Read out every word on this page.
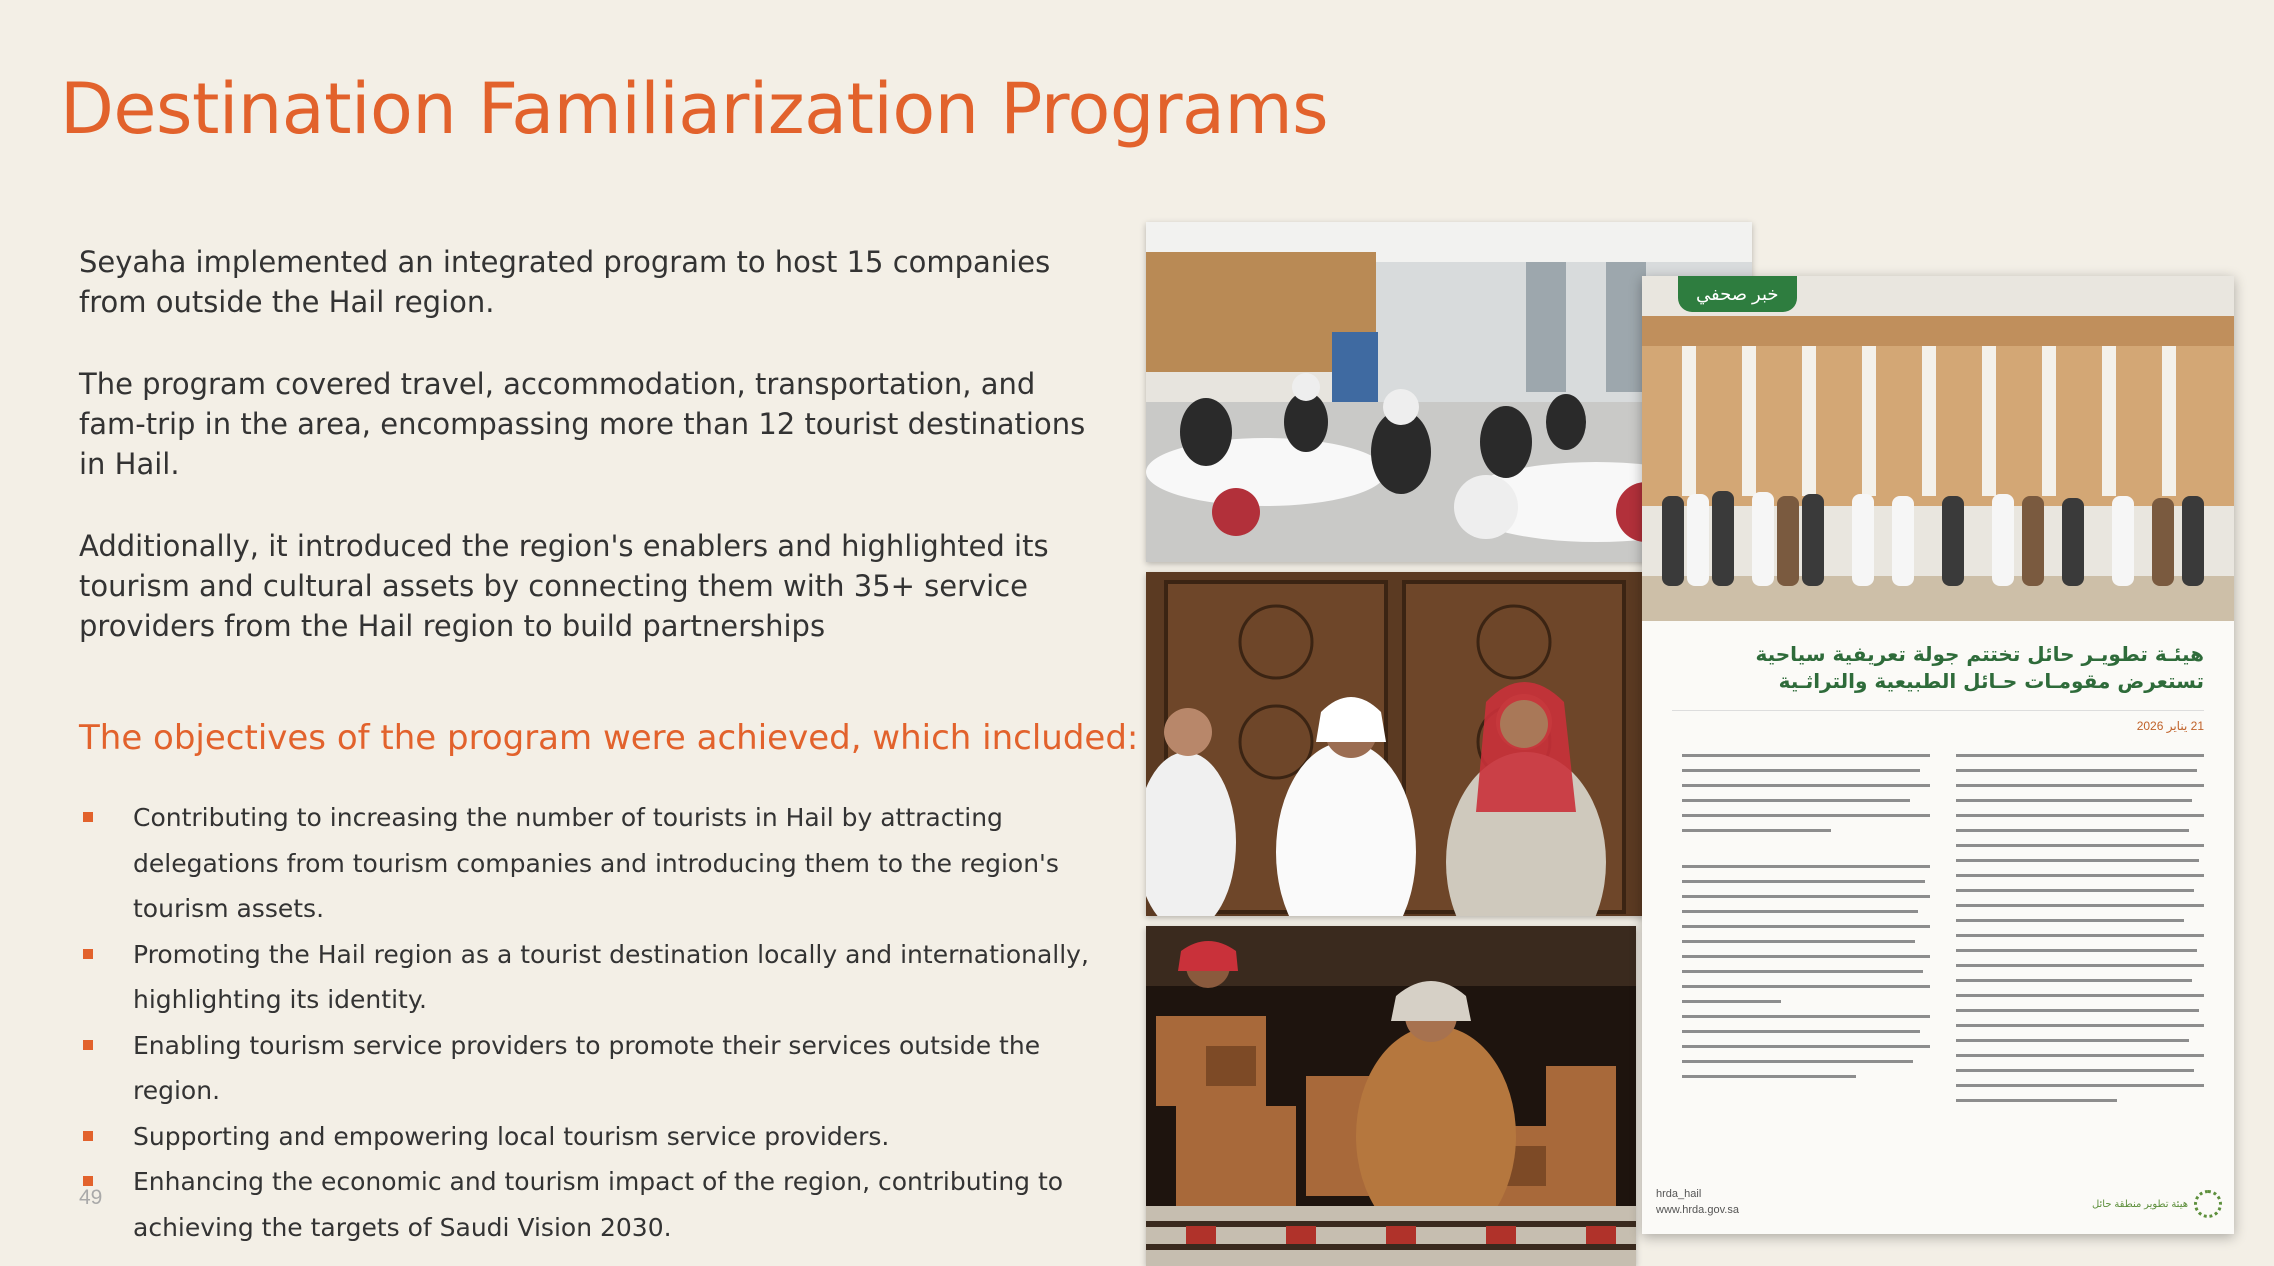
Destination Familiarization Programs

Seyaha implemented an integrated program to host 15 companies from outside the Hail region.

The program covered travel, accommodation, transportation, and fam-trip in the area, encompassing more than 12 tourist destinations in Hail.

Additionally, it introduced the region's enablers and highlighted its tourism and cultural assets by connecting them with 35+ service providers from the Hail region to build partnerships

The objectives of the program were achieved, which included:
Contributing to increasing the number of tourists in Hail by attracting delegations from tourism companies and introducing them to the region's tourism assets.
Promoting the Hail region as a tourist destination locally and internationally, highlighting its identity.
Enabling tourism service providers to promote their services outside the region.
Supporting and empowering local tourism service providers.
Enhancing the economic and tourism impact of the region, contributing to achieving the targets of Saudi Vision 2030.
49
خبر صحفي

هيئـة تطويـر حائل تختتم جولة تعريفية سياحية تستعرض مقومـات حـائل الطبيعية والتراثـية

21 يناير 2026
hrda_hail
www.hrda.gov.sa	هيئة تطوير منطقة حائل
